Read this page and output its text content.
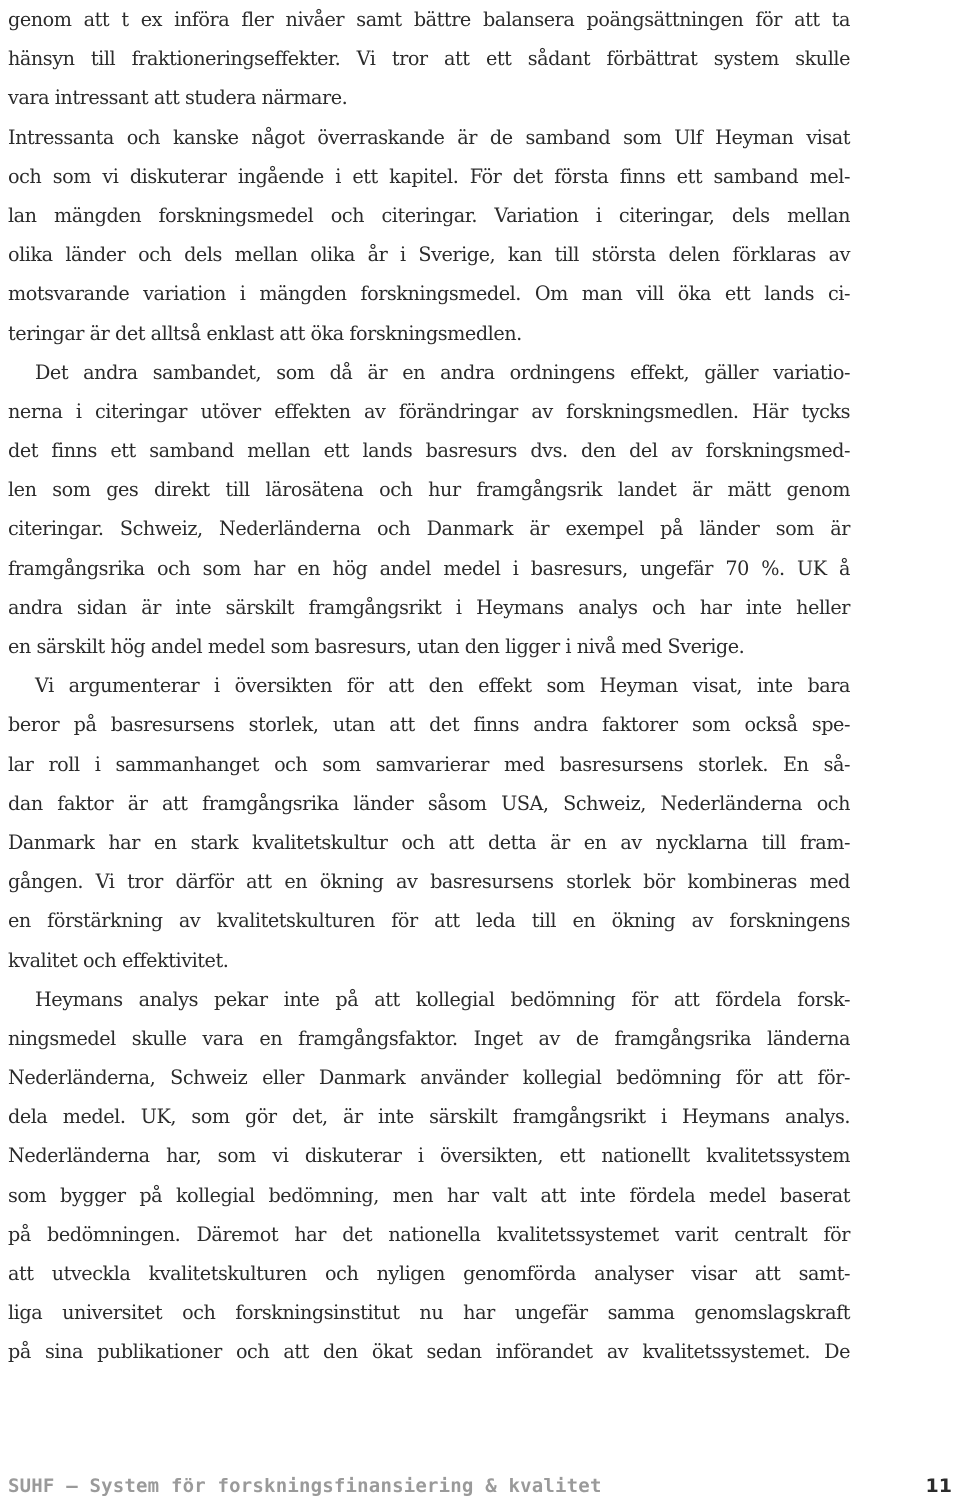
genom att t ex införa fler nivåer samt bättre balansera poängsättningen för att ta
hänsyn till fraktioneringseffekter. Vi tror att ett sådant förbättrat system skulle
vara intressant att studera närmare.
Intressanta och kanske något överraskande är de samband som Ulf Heyman visat
och som vi diskuterar ingående i ett kapitel. För det första finns ett samband mel-
lan mängden forskningsmedel och citeringar. Variation i citeringar, dels mellan
olika länder och dels mellan olika år i Sverige, kan till största delen förklaras av
motsvarande variation i mängden forskningsmedel. Om man vill öka ett lands ci-
teringar är det alltså enklast att öka forskningsmedlen.
Det andra sambandet, som då är en andra ordningens effekt, gäller variatio-
nerna i citeringar utöver effekten av förändringar av forskningsmedlen. Här tycks
det finns ett samband mellan ett lands basresurs dvs. den del av forskningsmed-
len som ges direkt till lärosätena och hur framgångsrik landet är mätt genom
citeringar. Schweiz, Nederländerna och Danmark är exempel på länder som är
framgångsrika och som har en hög andel medel i basresurs, ungefär 70 %. UK å
andra sidan är inte särskilt framgångsrikt i Heymans analys och har inte heller
en särskilt hög andel medel som basresurs, utan den ligger i nivå med Sverige.
Vi argumenterar i översikten för att den effekt som Heyman visat, inte bara
beror på basresursens storlek, utan att det finns andra faktorer som också spe-
lar roll i sammanhanget och som samvarierar med basresursens storlek. En så-
dan faktor är att framgångsrika länder såsom USA, Schweiz, Nederländerna och
Danmark har en stark kvalitetskultur och att detta är en av nycklarna till fram-
gången. Vi tror därför att en ökning av basresursens storlek bör kombineras med
en förstärkning av kvalitetskulturen för att leda till en ökning av forskningens
kvalitet och effektivitet.
Heymans analys pekar inte på att kollegial bedömning för att fördela forsk-
ningsmedel skulle vara en framgångsfaktor. Inget av de framgångsrika länderna
Nederländerna, Schweiz eller Danmark använder kollegial bedömning för att för-
dela medel. UK, som gör det, är inte särskilt framgångsrikt i Heymans analys.
Nederländerna har, som vi diskuterar i översikten, ett nationellt kvalitetssystem
som bygger på kollegial bedömning, men har valt att inte fördela medel baserat
på bedömningen. Däremot har det nationella kvalitetssystemet varit centralt för
att utveckla kvalitetskulturen och nyligen genomförda analyser visar att samt-
liga universitet och forskningsinstitut nu har ungefär samma genomslagskraft
på sina publikationer och att den ökat sedan införandet av kvalitetssystemet. De
SUHF – System för forskningsfinansiering & kvalitet	11
